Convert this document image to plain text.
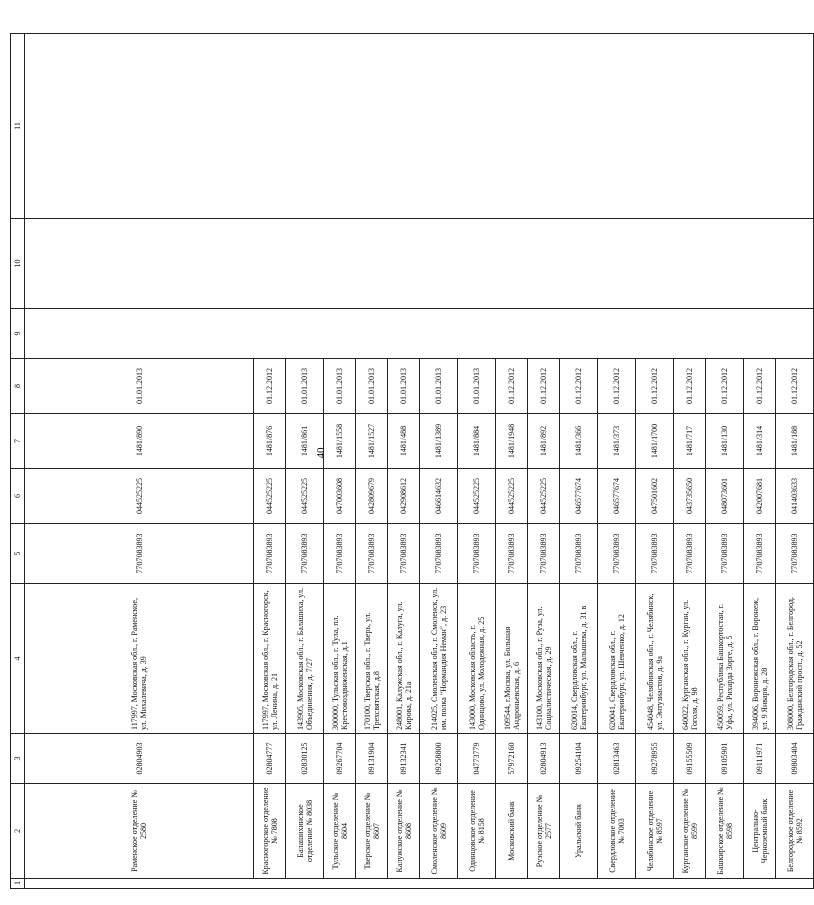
40
1	2	3	4	5	6	7	8	9	10	11
	Раменское отделение № 2580	02804903	117997, Московская обл., г. Раменское, ул. Михалевича, д. 39	7707083893	044525225	1481/890	01.01.2013			
	Красногорское отделение № 7808	02804777	117997, Московская обл., г. Красногорск, ул. Ленина, д. 21	7707083893	044525225	1481/876	01.12.2012			
	Балашихинское отделение № 8038	02830125	143905, Московская обл., г. Балашиха, ул. Объединения, д. 7/27	7707083893	044525225	1481/861	01.01.2013			
	Тульское отделение № 8604	09267704	300000, Тульская обл., г. Тула, пл. Крестовоздвиженская, д.1	7707083893	047003608	1481/1558	01.01.2013			
	Тверское отделение № 8607	09131904	170100, Тверская обл., г. Тверь, ул. Трехсвятская, д.8	7707083893	042809679	1481/1527	01.01.2013			
	Калужское отделение № 8608	09132341	248001, Калужская обл., г. Калуга, ул. Кирова, д. 21а	7707083893	042908612	1481/488	01.01.2013			
	Смоленское отделение № 8609	09258800	214025, Смоленская обл., г. Смоленск, ул. им. полка "Нормандия Неман", д. 23	7707083893	046614632	1481/1389	01.01.2013			
	Одинцовское отделение № 8158	04773779	143000, Московская область, г. Одинцово, ул. Молодежная, д. 25	7707083893	044525225	1481/884	01.01.2013			
	Московский банк	57972160	109544, г.Москва, ул. Большая Андроньевская, д. 6	7707083893	044525225	1481/1948	01.12.2012			
	Рузское отделение № 2577	02804913	143100, Московская обл., г. Руза, ул. Социалистическая, д. 29	7707083893	044525225	1481/892	01.12.2012			
	Уральский банк	09254104	620014, Свердловская обл., г. Екатеринбург, ул. Малышева, д. 31 в	7707083893	046577674	1481/366	01.12.2012			
	Свердловское отделение № 7003	02813463	620041, Свердловская обл., г. Екатеринбург, ул. Шевченко, д. 12	7707083893	046577674	1481/373	01.12.2012			
	Челябинское отделение № 8597	09278955	454048, Челябинская обл., г. Челябинск, ул. Энтузиастов, д. 9а	7707083893	047501602	1481/1700	01.12.2012			
	Курганское отделение № 8599	09155509	640022, Курганская обл., г. Курган, ул. Гоголя, д. 98	7707083893	043735650	1481/717	01.12.2012			
	Башкирское отделение № 8598	09105901	450059, Республика Башкортостан, г. Уфа, ул. Рихарда Зорге, д. 5	7707083893	048073601	1481/130	01.12.2012			
	Центрально-Черноземный банк	09111971	394006, Воронежская обл., г. Воронеж, ул. 9 Января, д. 28	7707083893	042007681	1481/314	01.12.2012			
	Белгородское отделение № 8592	09803404	308000, Белгородская обл., г. Белгород, Гражданский просп., д. 52	7707083893	041403633	1481/188	01.12.2012			
